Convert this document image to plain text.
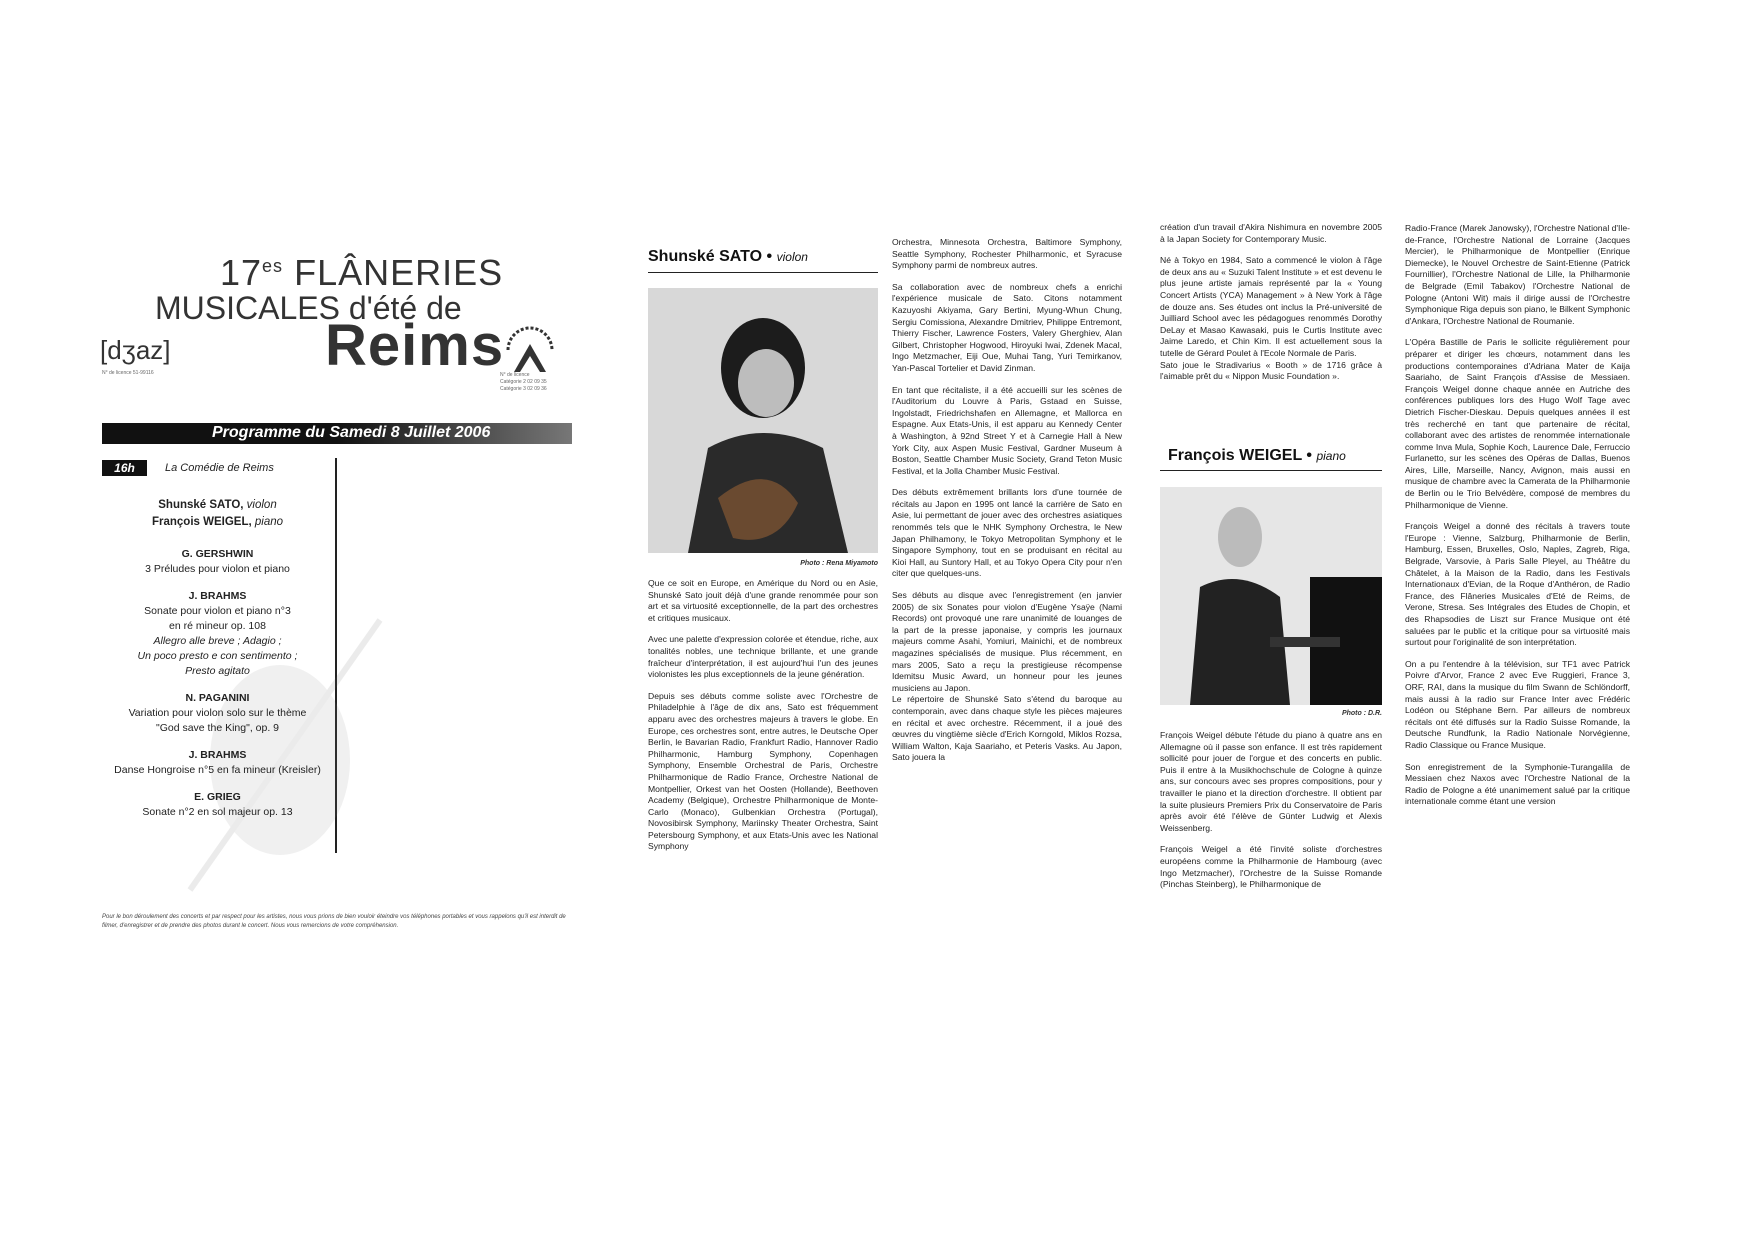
$17^{es}$ FLÂNERIES
MUSICALES d'été de
Reims
[dʒaz]
N° de licence 51-99116	N° de licence
Catégorie 2 02 09 35
Catégorie 3 02 09 36
Programme du Samedi 8 Juillet 2006
16h	La Comédie de Reims
Shunské SATO, violon
François WEIGEL, piano
G. GERSHWIN
3 Préludes pour violon et piano
J. BRAHMS
Sonate pour violon et piano n°3
en ré mineur op. 108
Allegro alle breve ; Adagio ;
Un poco presto e con sentimento ;
Presto agitato
N. PAGANINI
Variation pour violon solo sur le thème
"God save the King", op. 9
J. BRAHMS
Danse Hongroise n°5 en fa mineur (Kreisler)
E. GRIEG
Sonate n°2 en sol majeur op. 13
Pour le bon déroulement des concerts et par respect pour les artistes, nous vous prions de bien vouloir éteindre vos téléphones portables et vous rappelons qu'il est interdit de filmer, d'enregistrer et de prendre des photos durant le concert. Nous vous remercions de votre compréhension.
Shunské SATO • violon
Photo : Rena Miyamoto

Que ce soit en Europe, en Amérique du Nord ou en Asie, Shunské Sato jouit déjà d'une grande renommée pour son art et sa virtuosité exceptionnelle, de la part des orchestres et critiques musicaux.

Avec une palette d'expression colorée et étendue, riche, aux tonalités nobles, une technique brillante, et une grande fraîcheur d'interprétation, il est aujourd'hui l'un des jeunes violonistes les plus exceptionnels de la jeune génération.

Depuis ses débuts comme soliste avec l'Orchestre de Philadelphie à l'âge de dix ans, Sato est fréquemment apparu avec des orchestres majeurs à travers le globe. En Europe, ces orchestres sont, entre autres, le Deutsche Oper Berlin, le Bavarian Radio, Frankfurt Radio, Hannover Radio Philharmonic, Hamburg Symphony, Copenhagen Symphony, Ensemble Orchestral de Paris, Orchestre Philharmonique de Radio France, Orchestre National de Montpellier, Orkest van het Oosten (Hollande), Beethoven Academy (Belgique), Orchestre Philharmonique de Monte-Carlo (Monaco), Gulbenkian Orchestra (Portugal), Novosibirsk Symphony, Mariinsky Theater Orchestra, Saint Petersbourg Symphony, et aux Etats-Unis avec les National Symphony

Orchestra, Minnesota Orchestra, Baltimore Symphony, Seattle Symphony, Rochester Philharmonic, et Syracuse Symphony parmi de nombreux autres.

Sa collaboration avec de nombreux chefs a enrichi l'expérience musicale de Sato. Citons notamment Kazuyoshi Akiyama, Gary Bertini, Myung-Whun Chung, Sergiu Comissiona, Alexandre Dmitriev, Philippe Entremont, Thierry Fischer, Lawrence Fosters, Valery Gherghiev, Alan Gilbert, Christopher Hogwood, Hiroyuki Iwai, Zdenek Macal, Ingo Metzmacher, Eiji Oue, Muhai Tang, Yuri Temirkanov, Yan-Pascal Tortelier et David Zinman.

En tant que récitaliste, il a été accueilli sur les scènes de l'Auditorium du Louvre à Paris, Gstaad en Suisse, Ingolstadt, Friedrichshafen en Allemagne, et Mallorca en Espagne. Aux Etats-Unis, il est apparu au Kennedy Center à Washington, à 92nd Street Y et à Carnegie Hall à New York City, aux Aspen Music Festival, Gardner Museum à Boston, Seattle Chamber Music Society, Grand Teton Music Festival, et la Jolla Chamber Music Festival.

Des débuts extrêmement brillants lors d'une tournée de récitals au Japon en 1995 ont lancé la carrière de Sato en Asie, lui permettant de jouer avec des orchestres asiatiques renommés tels que le NHK Symphony Orchestra, le New Japan Philhamony, le Tokyo Metropolitan Symphony et le Singapore Symphony, tout en se produisant en récital au Kioi Hall, au Suntory Hall, et au Tokyo Opera City pour n'en citer que quelques-uns.

Ses débuts au disque avec l'enregistrement (en janvier 2005) de six Sonates pour violon d'Eugène Ysaÿe (Nami Records) ont provoqué une rare unanimité de louanges de la part de la presse japonaise, y compris les journaux majeurs comme Asahi, Yomiuri, Mainichi, et de nombreux magazines spécialisés de musique. Plus récemment, en mars 2005, Sato a reçu la prestigieuse récompense Idemitsu Music Award, un honneur pour les jeunes musiciens au Japon.
Le répertoire de Shunské Sato s'étend du baroque au contemporain, avec dans chaque style les pièces majeures en récital et avec orchestre. Récemment, il a joué des œuvres du vingtième siècle d'Erich Korngold, Miklos Rozsa, William Walton, Kaja Saariaho, et Peteris Vasks. Au Japon, Sato jouera la

création d'un travail d'Akira Nishimura en novembre 2005 à la Japan Society for Contemporary Music.

Né à Tokyo en 1984, Sato a commencé le violon à l'âge de deux ans au « Suzuki Talent Institute » et est devenu le plus jeune artiste jamais représenté par la « Young Concert Artists (YCA) Management » à New York à l'âge de douze ans. Ses études ont inclus la Pré-université de Juilliard School avec les pédagogues renommés Dorothy DeLay et Masao Kawasaki, puis le Curtis Institute avec Jaime Laredo, et Chin Kim. Il est actuellement sous la tutelle de Gérard Poulet à l'Ecole Normale de Paris.
Sato joue le Stradivarius « Booth » de 1716 grâce à l'aimable prêt du « Nippon Music Foundation ».

François WEIGEL • piano
Photo : D.R.

François Weigel débute l'étude du piano à quatre ans en Allemagne où il passe son enfance. Il est très rapidement sollicité pour jouer de l'orgue et des concerts en public. Puis il entre à la Musikhochschule de Cologne à quinze ans, sur concours avec ses propres compositions, pour y travailler le piano et la direction d'orchestre. Il obtient par la suite plusieurs Premiers Prix du Conservatoire de Paris après avoir été l'élève de Günter Ludwig et Alexis Weissenberg.

François Weigel a été l'invité soliste d'orchestres européens comme la Philharmonie de Hambourg (avec Ingo Metzmacher), l'Orchestre de la Suisse Romande (Pinchas Steinberg), le Philharmonique de

Radio-France (Marek Janowsky), l'Orchestre National d'Ile-de-France, l'Orchestre National de Lorraine (Jacques Mercier), le Philharmonique de Montpellier (Enrique Diemecke), le Nouvel Orchestre de Saint-Etienne (Patrick Fournillier), l'Orchestre National de Lille, la Philharmonie de Belgrade (Emil Tabakov) l'Orchestre National de Pologne (Antoni Wit) mais il dirige aussi de l'Orchestre Symphonique Riga depuis son piano, le Bilkent Symphonic d'Ankara, l'Orchestre National de Roumanie.

L'Opéra Bastille de Paris le sollicite régulièrement pour préparer et diriger les chœurs, notamment dans les productions contemporaines d'Adriana Mater de Kaija Saariaho, de Saint François d'Assise de Messiaen. François Weigel donne chaque année en Autriche des conférences publiques lors des Hugo Wolf Tage avec Dietrich Fischer-Dieskau. Depuis quelques années il est très recherché en tant que partenaire de récital, collaborant avec des artistes de renommée internationale comme Inva Mula, Sophie Koch, Laurence Dale, Ferruccio Furlanetto, sur les scènes des Opéras de Dallas, Buenos Aires, Lille, Marseille, Nancy, Avignon, mais aussi en musique de chambre avec la Camerata de la Philharmonie de Berlin ou le Trio Belvédère, composé de membres du Philharmonique de Vienne.

François Weigel a donné des récitals à travers toute l'Europe : Vienne, Salzburg, Philharmonie de Berlin, Hamburg, Essen, Bruxelles, Oslo, Naples, Zagreb, Riga, Belgrade, Varsovie, à Paris Salle Pleyel, au Théâtre du Châtelet, à la Maison de la Radio, dans les Festivals Internationaux d'Evian, de la Roque d'Anthéron, de Radio France, des Flâneries Musicales d'Eté de Reims, de Verone, Stresa. Ses Intégrales des Etudes de Chopin, et des Rhapsodies de Liszt sur France Musique ont été saluées par le public et la critique pour sa virtuosité mais surtout pour l'originalité de son interprétation.

On a pu l'entendre à la télévision, sur TF1 avec Patrick Poivre d'Arvor, France 2 avec Eve Ruggieri, France 3, ORF, RAI, dans la musique du film Swann de Schlöndorff, mais aussi à la radio sur France Inter avec Frédéric Lodéon ou Stéphane Bern. Par ailleurs de nombreux récitals ont été diffusés sur la Radio Suisse Romande, la Deutsche Rundfunk, la Radio Nationale Norvégienne, Radio Classique ou France Musique.

Son enregistrement de la Symphonie-Turangalila de Messiaen chez Naxos avec l'Orchestre National de la Radio de Pologne a été unanimement salué par la critique internationale comme étant une version
